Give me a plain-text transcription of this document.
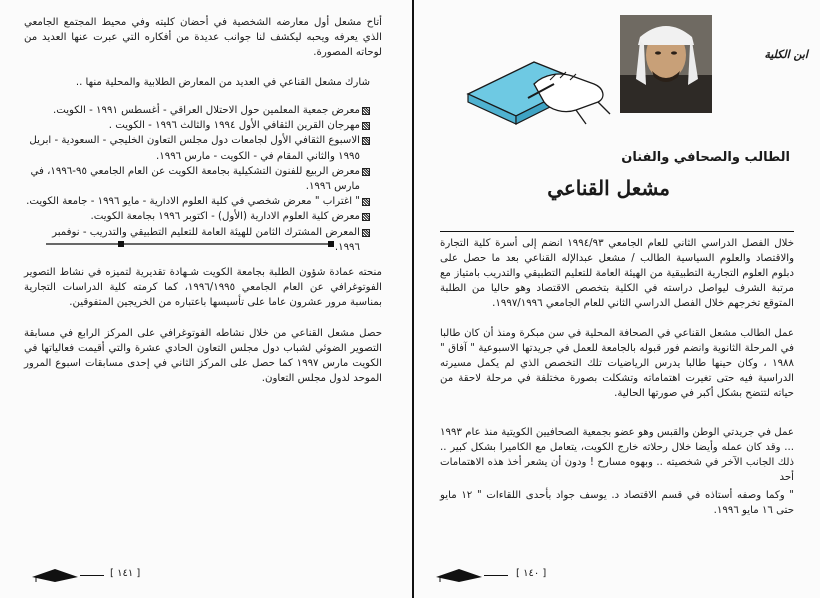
أتاح مشعل أول معارضه الشخصية في أحضان كليته وفي محيط المجتمع الجامعي الذي يعرفه ويحبه ليكشف لنا جوانب عديدة من أفكاره التي عبرت عنها العديد من لوحاته المصورة.

شارك مشعل القناعي في العديد من المعارض الطلابية والمحلية منها ..

معرض جمعية المعلمين حول الاحتلال العراقي - أغسطس ١٩٩١ - الكويت.
مهرجان القرين الثقافي الأول ١٩٩٤ والثالث ١٩٩٦ - الكويت .
الاسبوع الثقافي الأول لجامعات دول مجلس التعاون الخليجي - السعودية - ابريل ١٩٩٥ والثاني المقام في - الكويت - مارس ١٩٩٦.
معرض الربيع للفنون التشكيلية بجامعة الكويت عن العام الجامعي ٩٥-١٩٩٦، في مارس ١٩٩٦.
" اغتراب " معرض شخصي في كلية العلوم الادارية - مايو ١٩٩٦ - جامعة الكويت.
معرض كلية العلوم الادارية (الأول) - اكتوبر ١٩٩٦ بجامعة الكويت.
المعرض المشترك الثامن للهيئة العامة للتعليم التطبيقي والتدريب - نوفمبر ١٩٩٦.

منحته عمادة شؤون الطلبة بجامعة الكويت شـهادة تقديرية لتميزه في نشاط التصوير الفوتوغرافي عن العام الجامعي ١٩٩٦/١٩٩٥، كما كرمته كلية الدراسات التجارية بمناسبة مرور عشرون عاما على تأسيسها باعتباره من الخريجين المتفوقين.

حصل مشعل القناعي من خلال نشاطه الفوتوغرافي على المركز الرابع في مسابقة التصوير الضوئي لشباب دول مجلس التعاون الحادي عشرة والتي أقيمت فعالياتها في الكويت مارس ١٩٩٧ كما حصل على المركز الثاني في إحدى مسابقات اسبوع المرور الموحد لدول مجلس التعاون.

[ ١٤١ ]
ابن الكلية
الطالب والصحافي والفنان
مشعل القناعي

خلال الفصل الدراسي الثاني للعام الجامعي ١٩٩٤/٩٣ انضم إلى أسرة كلية التجارة والاقتصاد والعلوم السياسية الطالب / مشعل عبدالإله القناعي بعد ما حصل على دبلوم العلوم التجارية التطبيقية من الهيئة العامة للتعليم التطبيقي والتدريب بامتياز مع مرتبة الشرف ليواصل دراسته في الكلية بتخصص الاقتصاد وهو حاليا من الطلبة المتوقع تخرجهم خلال الفصل الدراسي الثاني للعام الجامعي ١٩٩٧/١٩٩٦.

عمل الطالب مشعل القناعي في الصحافة المحلية في سن مبكرة ومنذ أن كان طالبا في المرحلة الثانوية وانضم فور قبوله بالجامعة للعمل في جريدتها الاسبوعية " آفاق " ١٩٨٨ ، وكان حينها طالبا يدرس الرياضيات تلك التخصص الذي لم يكمل مسيرته الدراسية فيه حتى تغيرت اهتماماته وتشكلت بصورة مختلفة في مرحلة لاحقة من حياته لتتضح بشكل أكبر في صورتها الحالية.

عمل في جريدتي الوطن والقبس وهو عضو بجمعية الصحافيين الكويتية منذ عام ١٩٩٣ ... وقد كان عمله وأيضا خلال رحلاته خارج الكويت، يتعامل مع الكاميرا بشكل كبير .. ذلك الجانب الآخر في شخصيته .. وبهوه مسارح ! ودون أن يشعر أخذ هذه الاهتمامات أحد

" وكما وصفه أستاذه في قسم الاقتصاد د. يوسف جواد بأحدى اللقاءات " ١٢ مايو حتى ١٦ مايو ١٩٩٦.

[ ١٤٠ ]
